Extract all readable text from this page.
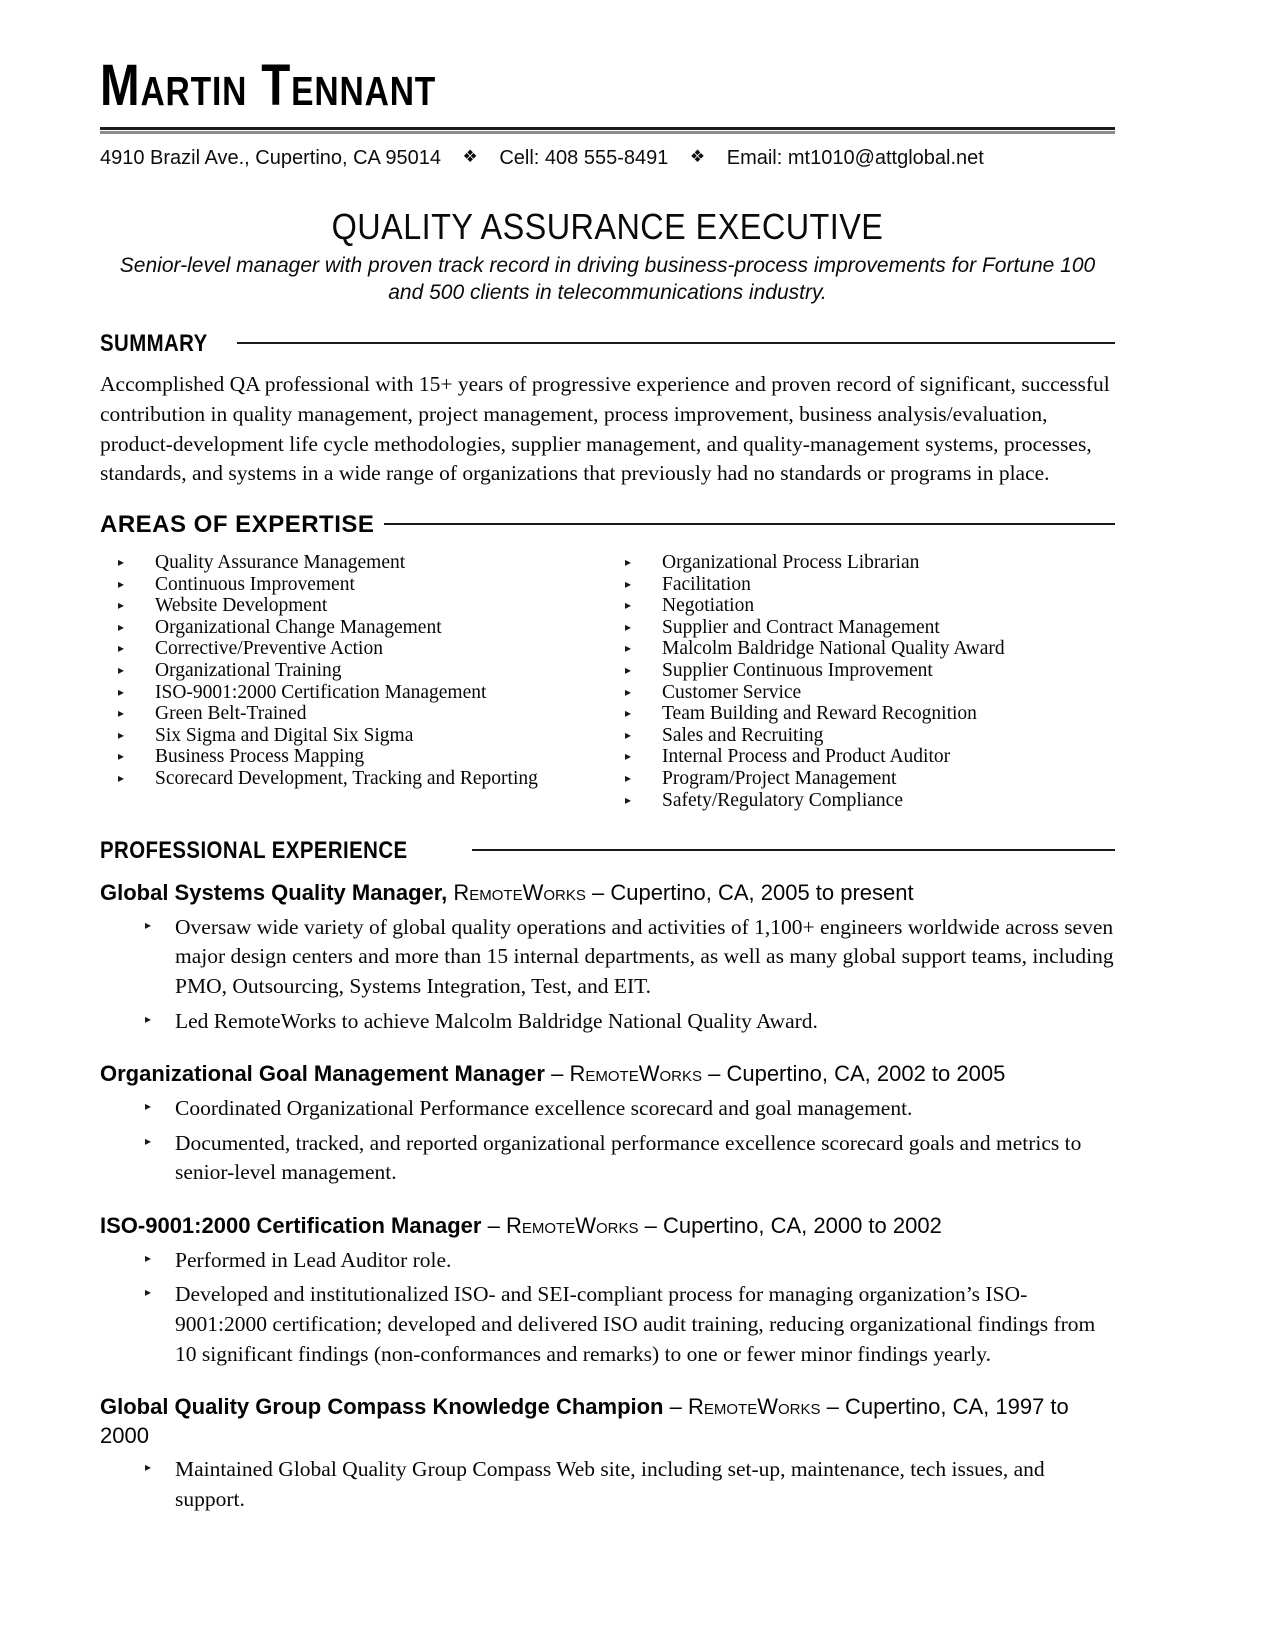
Martin Tennant
4910 Brazil Ave., Cupertino, CA 95014 ❖ Cell: 408 555-8491 ❖ Email: mt1010@attglobal.net
QUALITY ASSURANCE EXECUTIVE
Senior-level manager with proven track record in driving business-process improvements for Fortune 100 and 500 clients in telecommunications industry.
SUMMARY
Accomplished QA professional with 15+ years of progressive experience and proven record of significant, successful contribution in quality management, project management, process improvement, business analysis/evaluation, product-development life cycle methodologies, supplier management, and quality-management systems, processes, standards, and systems in a wide range of organizations that previously had no standards or programs in place.
AREAS OF EXPERTISE
▸	Quality Assurance Management
▸	Continuous Improvement
▸	Website Development
▸	Organizational Change Management
▸	Corrective/Preventive Action
▸	Organizational Training
▸	ISO-9001:2000 Certification Management
▸	Green Belt-Trained
▸	Six Sigma and Digital Six Sigma
▸	Business Process Mapping
▸	Scorecard Development, Tracking and Reporting
▸	Organizational Process Librarian
▸	Facilitation
▸	Negotiation
▸	Supplier and Contract Management
▸	Malcolm Baldridge National Quality Award
▸	Supplier Continuous Improvement
▸	Customer Service
▸	Team Building and Reward Recognition
▸	Sales and Recruiting
▸	Internal Process and Product Auditor
▸	Program/Project Management
▸	Safety/Regulatory Compliance
PROFESSIONAL EXPERIENCE
Global Systems Quality Manager, RemoteWorks – Cupertino, CA, 2005 to present
▸	Oversaw wide variety of global quality operations and activities of 1,100+ engineers worldwide across seven major design centers and more than 15 internal departments, as well as many global support teams, including PMO, Outsourcing, Systems Integration, Test, and EIT.
▸	Led RemoteWorks to achieve Malcolm Baldridge National Quality Award.
Organizational Goal Management Manager – RemoteWorks – Cupertino, CA, 2002 to 2005
▸	Coordinated Organizational Performance excellence scorecard and goal management.
▸	Documented, tracked, and reported organizational performance excellence scorecard goals and metrics to senior-level management.
ISO-9001:2000 Certification Manager – RemoteWorks – Cupertino, CA, 2000 to 2002
▸	Performed in Lead Auditor role.
▸	Developed and institutionalized ISO- and SEI-compliant process for managing organization’s ISO-9001:2000 certification; developed and delivered ISO audit training, reducing organizational findings from 10 significant findings (non-conformances and remarks) to one or fewer minor findings yearly.
Global Quality Group Compass Knowledge Champion – RemoteWorks – Cupertino, CA, 1997 to 2000
▸	Maintained Global Quality Group Compass Web site, including set-up, maintenance, tech issues, and support.
